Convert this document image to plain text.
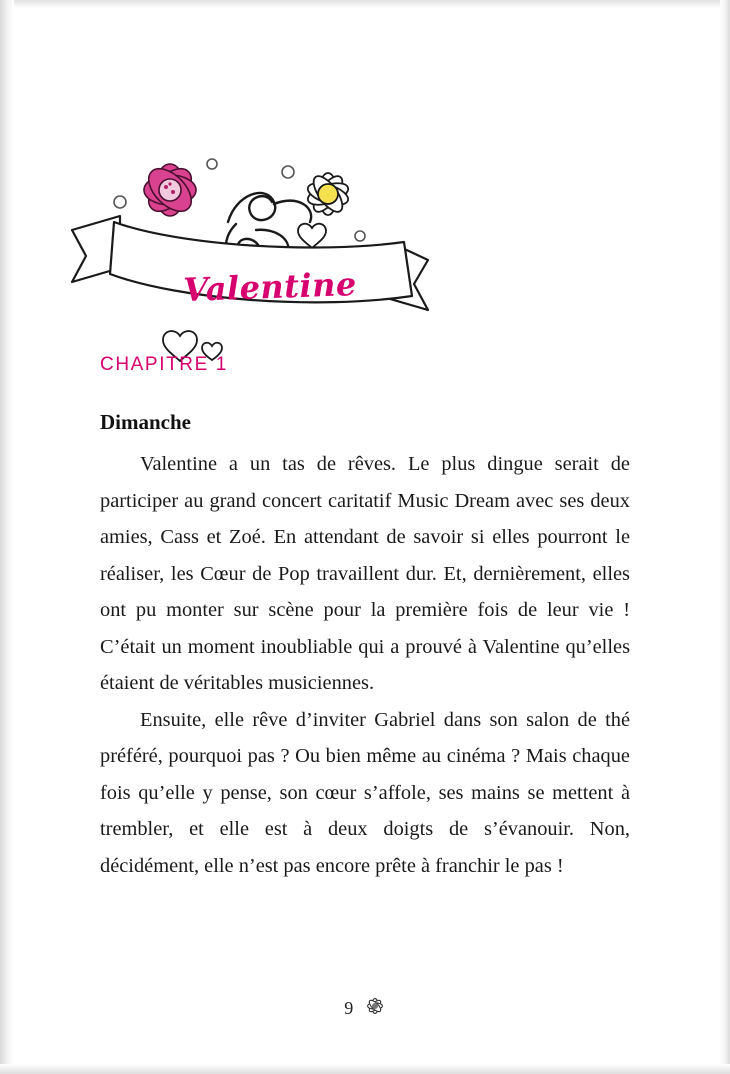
Valentine
CHAPITRE 1
Dimanche

Valentine a un tas de rêves. Le plus dingue serait de participer au grand concert caritatif Music Dream avec ses deux amies, Cass et Zoé. En attendant de savoir si elles pourront le réaliser, les Cœur de Pop travaillent dur. Et, dernièrement, elles ont pu monter sur scène pour la première fois de leur vie ! C’était un moment inoubliable qui a prouvé à Valentine qu’elles étaient de véritables musiciennes.

Ensuite, elle rêve d’inviter Gabriel dans son salon de thé préféré, pourquoi pas ? Ou bien même au cinéma ? Mais chaque fois qu’elle y pense, son cœur s’affole, ses mains se mettent à trembler, et elle est à deux doigts de s’évanouir. Non, décidément, elle n’est pas encore prête à franchir le pas !

9
